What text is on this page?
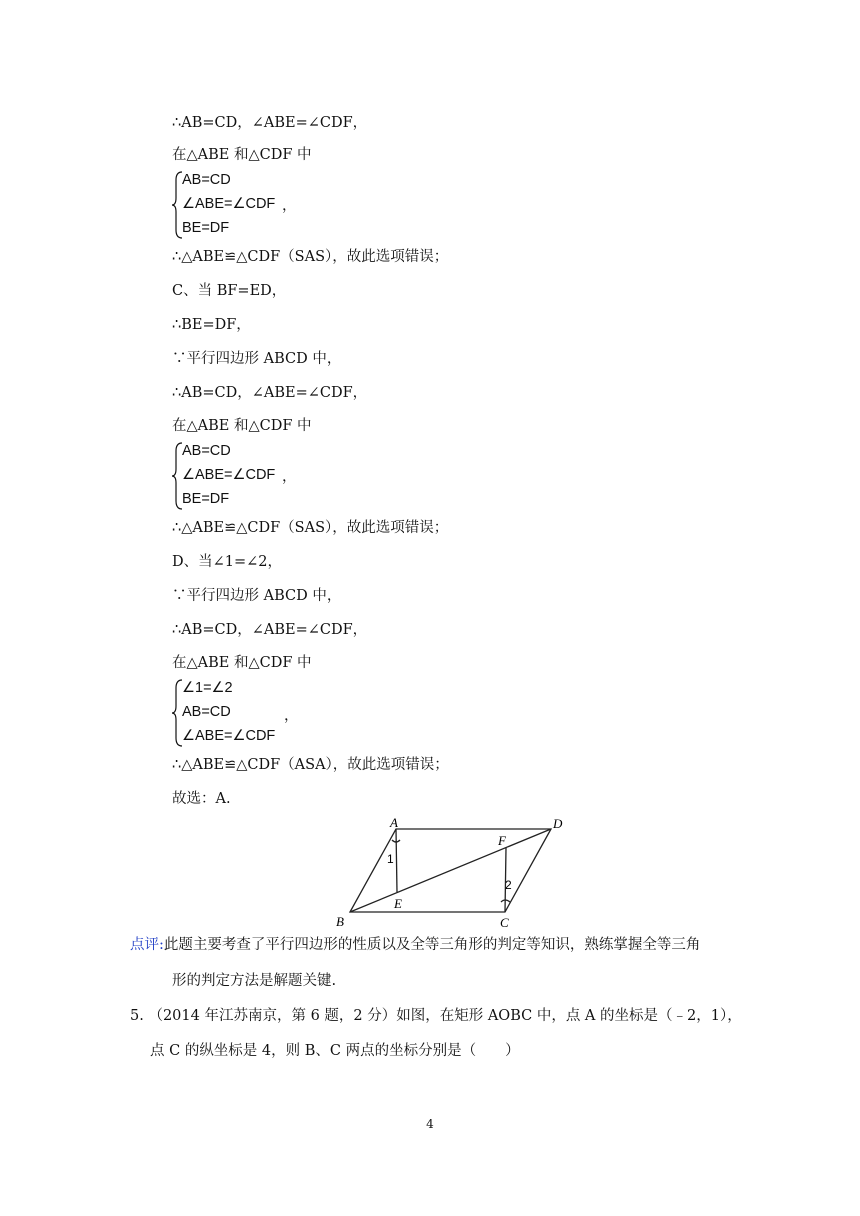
∴AB=CD，∠ABE=∠CDF，
在△ABE 和△CDF 中
AB=CD
∠ABE=∠CDF
BE=DF
，
∴△ABE≌△CDF（SAS），故此选项错误；
C、当 BF=ED，
∴BE=DF，
∵平行四边形 ABCD 中，
∴AB=CD，∠ABE=∠CDF，
在△ABE 和△CDF 中
AB=CD
∠ABE=∠CDF
BE=DF
，
∴△ABE≌△CDF（SAS），故此选项错误；
D、当∠1=∠2，
∵平行四边形 ABCD 中，
∴AB=CD，∠ABE=∠CDF，
在△ABE 和△CDF 中
∠1=∠2
AB=CD
∠ABE=∠CDF
，
∴△ABE≌△CDF（ASA），故此选项错误；
故选：A.
A	D
B	C
E
F
1
2
点评:此题主要考查了平行四边形的性质以及全等三角形的判定等知识，熟练掌握全等三角
形的判定方法是解题关键.
5. （2014 年江苏南京，第 6 题，2 分）如图，在矩形 AOBC 中，点 A 的坐标是（﹣2，1），
点 C 的纵坐标是 4，则 B、C 两点的坐标分别是（　　）
4
